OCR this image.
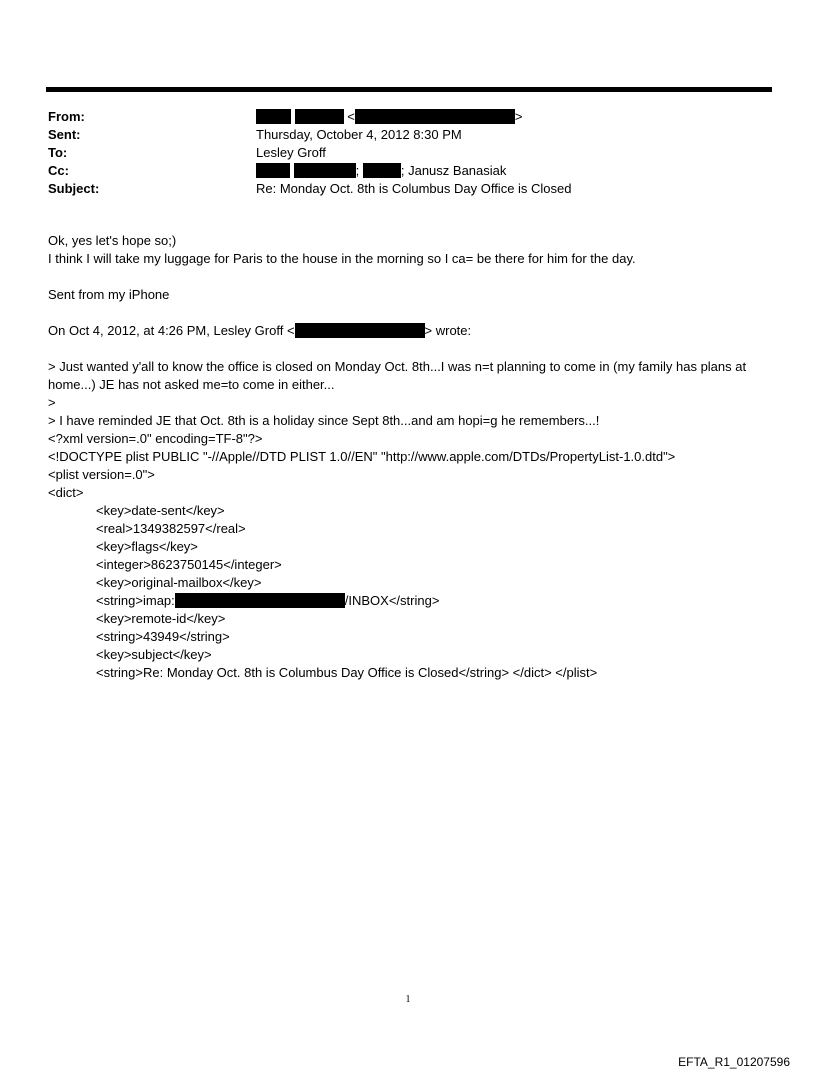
From:	<	>
Sent:	Thursday, October 4, 2012 8:30 PM
To:	Lesley Groff
Cc:	;	; Janusz Banasiak
Subject:	Re: Monday Oct. 8th is Columbus Day Office is Closed
Ok, yes let's hope so;)
I think I will take my luggage for Paris to the house in the morning so I ca= be there for him for the day.
Sent from my iPhone
On Oct 4, 2012, at 4:26 PM, Lesley Groff <	> wrote:
> Just wanted y'all to know the office is closed on Monday Oct. 8th...I was n=t planning to come in (my family has plans at home...) JE has not asked me=to come in either...
>
> I have reminded JE that Oct. 8th is a holiday since Sept 8th...and am hopi=g he remembers...!
<?xml version=.0" encoding=TF-8"?>
<!DOCTYPE plist PUBLIC "-//Apple//DTD PLIST 1.0//EN" "http://www.apple.com/DTDs/PropertyList-1.0.dtd">
<plist version=.0">
<dict>
<key>date-sent</key>
<real>1349382597</real>
<key>flags</key>
<integer>8623750145</integer>
<key>original-mailbox</key>
<string>imap:	/INBOX</string>
<key>remote-id</key>
<string>43949</string>
<key>subject</key>
<string>Re: Monday Oct. 8th is Columbus Day Office is Closed</string> </dict> </plist>
1
EFTA_R1_01207596
